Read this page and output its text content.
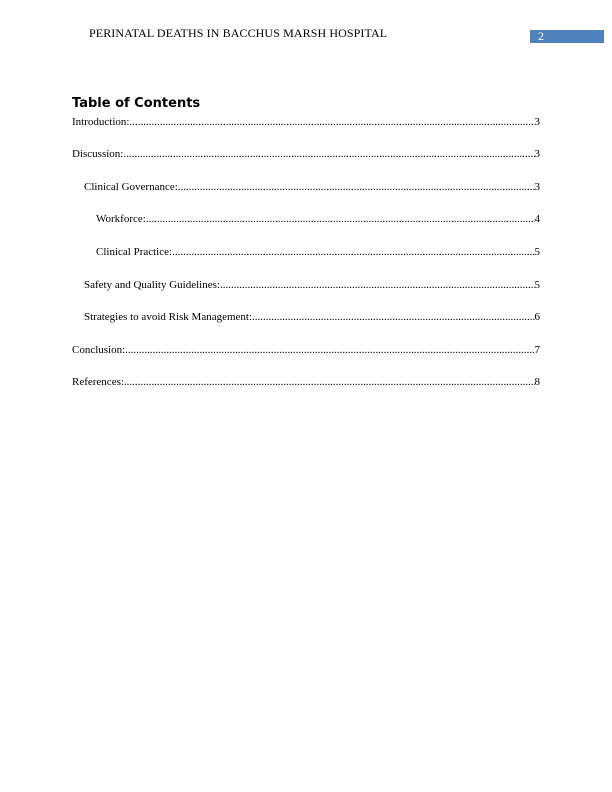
PERINATAL DEATHS IN BACCHUS MARSH HOSPITAL	2
Table of Contents
Introduction: .....	3
Discussion: .....	3
Clinical Governance: .....	3
Workforce: .....	4
Clinical Practice: .....	5
Safety and Quality Guidelines: .....	5
Strategies to avoid Risk Management: .....	6
Conclusion: .....	7
References: .....	8
